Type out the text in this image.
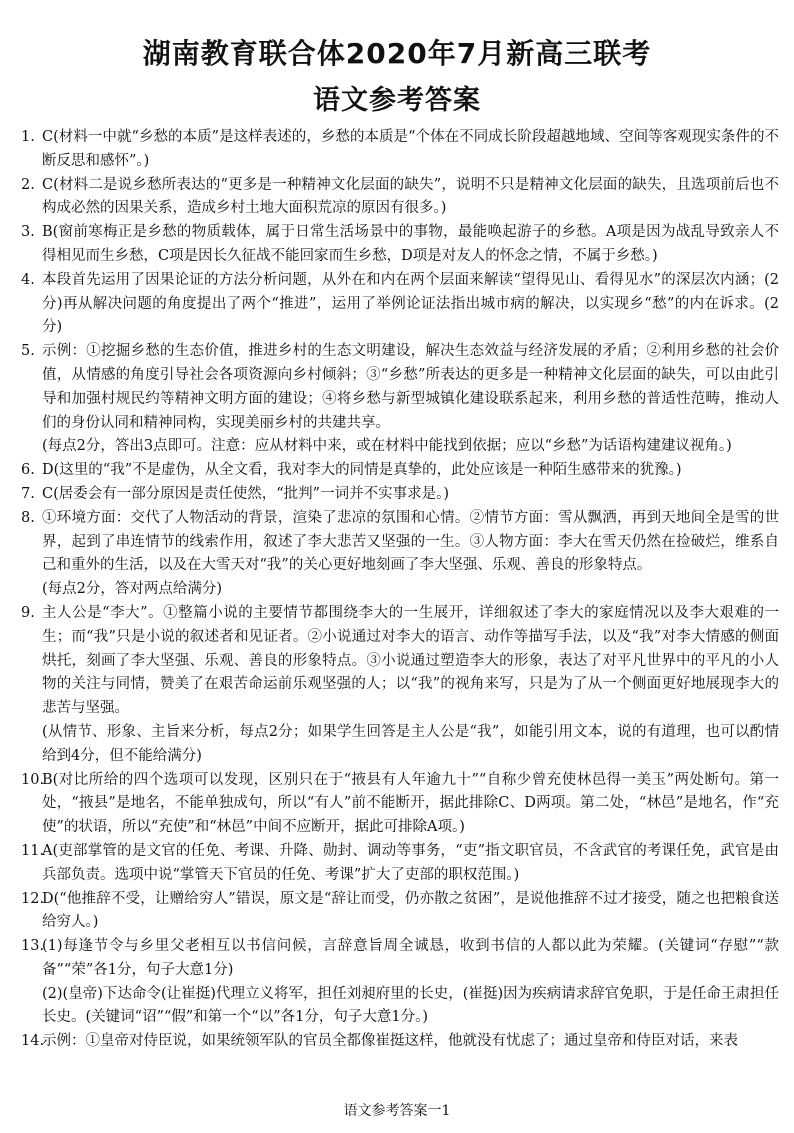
湖南教育联合体2020年7月新高三联考
语文参考答案
1. C(材料一中就“乡愁的本质”是这样表述的，乡愁的本质是“个体在不同成长阶段超越地域、空间等客观现实条件的不断反思和感怀”。)

2. C(材料二是说乡愁所表达的“更多是一种精神文化层面的缺失”，说明不只是精神文化层面的缺失，且选项前后也不构成必然的因果关系，造成乡村土地大面积荒凉的原因有很多。)

3. B(窗前寒梅正是乡愁的物质载体，属于日常生活场景中的事物，最能唤起游子的乡愁。A项是因为战乱导致亲人不得相见而生乡愁，C项是因长久征战不能回家而生乡愁，D项是对友人的怀念之情，不属于乡愁。)

4. 本段首先运用了因果论证的方法分析问题，从外在和内在两个层面来解读“望得见山、看得见水”的深层次内涵；(2分)再从解决问题的角度提出了两个“推进”，运用了举例论证法指出城市病的解决，以实现乡“愁”的内在诉求。(2分)

5. 示例：①挖掘乡愁的生态价值，推进乡村的生态文明建设，解决生态效益与经济发展的矛盾；②利用乡愁的社会价值，从情感的角度引导社会各项资源向乡村倾斜；③“乡愁”所表达的更多是一种精神文化层面的缺失，可以由此引导和加强村规民约等精神文明方面的建设；④将乡愁与新型城镇化建设联系起来，利用乡愁的普适性范畴，推动人们的身份认同和精神同构，实现美丽乡村的共建共享。

(每点2分，答出3点即可。注意：应从材料中来，或在材料中能找到依据；应以“乡愁”为话语构建建议视角。)

6. D(这里的“我”不是虚伪，从全文看，我对李大的同情是真挚的，此处应该是一种陌生感带来的犹豫。)

7. C(居委会有一部分原因是责任使然，“批判”一词并不实事求是。)

8. ①环境方面：交代了人物活动的背景，渲染了悲凉的氛围和心情。②情节方面：雪从飘洒，再到天地间全是雪的世界，起到了串连情节的线索作用，叙述了李大悲苦又坚强的一生。③人物方面：李大在雪天仍然在捡破烂，维系自己和重外的生活，以及在大雪天对“我”的关心更好地刻画了李大坚强、乐观、善良的形象特点。

(每点2分，答对两点给满分)

9. 主人公是“李大”。①整篇小说的主要情节都围绕李大的一生展开，详细叙述了李大的家庭情况以及李大艰难的一生；而“我”只是小说的叙述者和见证者。②小说通过对李大的语言、动作等描写手法，以及“我”对李大情感的侧面烘托，刻画了李大坚强、乐观、善良的形象特点。③小说通过塑造李大的形象，表达了对平凡世界中的平凡的小人物的关注与同情，赞美了在艰苦命运前乐观坚强的人；以“我”的视角来写，只是为了从一个侧面更好地展现李大的悲苦与坚强。

(从情节、形象、主旨来分析，每点2分；如果学生回答是主人公是“我”，如能引用文本，说的有道理，也可以酌情给到4分，但不能给满分)

10.

B(对比所给的四个选项可以发现，区别只在于“掖县有人年逾九十”“自称少曾充使林邑得一美玉”两处断句。第一处，“掖县”是地名，不能单独成句，所以“有人”前不能断开，据此排除C、D两项。第二处，“林邑”是地名，作“充使”的状语，所以“充使”和“林邑”中间不应断开，据此可排除A项。)

11.

A(吏部掌管的是文官的任免、考课、升降、勋封、调动等事务，“吏”指文职官员，不含武官的考课任免，武官是由兵部负责。选项中说“掌管天下官员的任免、考课”扩大了吏部的职权范围。)

12.

D(“他推辞不受，让赠给穷人”错误，原文是“辞让而受，仍亦散之贫困”，是说他推辞不过才接受，随之也把粮食送给穷人。)

13.

(1)每逢节令与乡里父老相互以书信问候，言辞意旨周全诚恳，收到书信的人都以此为荣耀。(关键词“存慰”“款备”“荣”各1分，句子大意1分)

(2)(皇帝)下达命令(让崔挺)代理立义将军，担任刘昶府里的长史，(崔挺)因为疾病请求辞官免职，于是任命王肃担任长史。(关键词“诏”“假”和第一个“以”各1分，句子大意1分。)

14.

示例：①皇帝对侍臣说，如果统领军队的官员全都像崔挺这样，他就没有忧虑了；通过皇帝和侍臣对话，来表

语文参考答案一1
